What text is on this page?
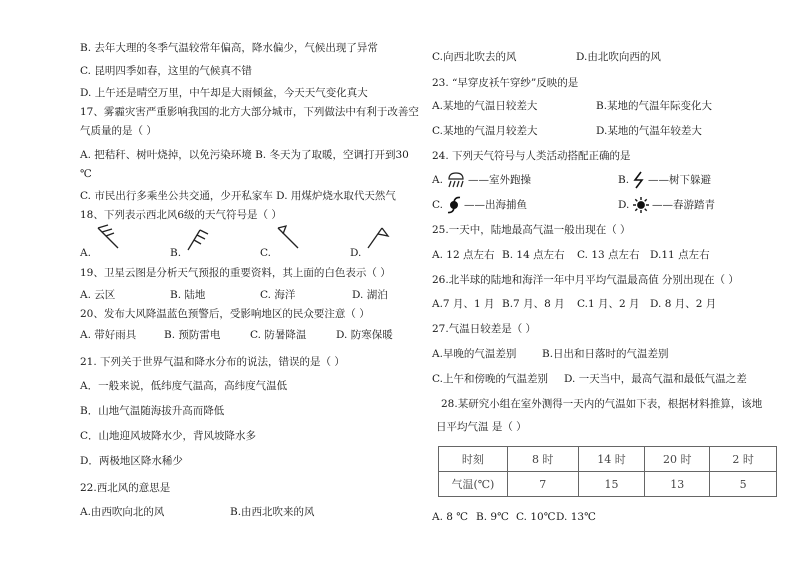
B. 去年大理的冬季气温较常年偏高，降水偏少，气候出现了异常
C. 昆明四季如春，这里的气候真不错
D. 上午还是晴空万里，中午却是大雨倾盆，今天天气变化真大
17、雾霾灾害严重影响我国的北方大部分城市，下列做法中有利于改善空
气质量的是（ ）
A. 把秸秆、树叶烧掉，以免污染环境 B. 冬天为了取暖，空调打开到30
℃
C. 市民出行多乘坐公共交通，少开私家车 D. 用煤炉烧水取代天然气
18、下列表示西北风6级的天气符号是（ ）
A.	B.	C.	D.
19、卫星云图是分析天气预报的重要资料，其上面的白色表示（ ）
A. 云区	B. 陆地	C. 海洋	D. 湖泊
20、发布大风降温蓝色预警后，受影响地区的民众要注意（ ）
A. 带好雨具	B. 预防雷电	C. 防暑降温	D. 防寒保暖
21. 下列关于世界气温和降水分布的说法，错误的是（ ）
A．一般来说，低纬度气温高，高纬度气温低
B．山地气温随海拔升高而降低
C．山地迎风坡降水少，背风坡降水多
D．两极地区降水稀少
22.西北风的意思是
A.由西吹向北的风	B.由西北吹来的风
C.向西北吹去的风	D.由北吹向西的风
23. “早穿皮袄午穿纱”反映的是
A.某地的气温日较差大	B.某地的气温年际变化大
C.某地的气温月较差大	D.某地的气温年较差大
24. 下列天气符号与人类活动搭配正确的是
A. ——室外跑操	B. ——树下躲避
C. ——出海捕鱼	D. ——春游踏青
25.一天中，陆地最高气温一般出现在（ ）
A. 12 点左右 B. 14 点左右 C. 13 点左右 D.11 点左右
26.北半球的陆地和海洋一年中月平均气温最高值 分别出现在（ ）
A.7 月、1 月 B.7 月、8 月 C.1 月、2 月 D. 8 月、2 月
27.气温日较差是（ ）
A.早晚的气温差别 B.日出和日落时的气温差别
C.上午和傍晚的气温差别 D. 一天当中，最高气温和最低气温之差
28.某研究小组在室外测得一天内的气温如下表，根据材料推算，该地
日平均气温 是（ ）
时刻	8 时	14 时	20 时	2 时
气温(℃)	7	15	13	5
A. 8 ℃ B. 9℃ C. 10℃ D. 13℃
